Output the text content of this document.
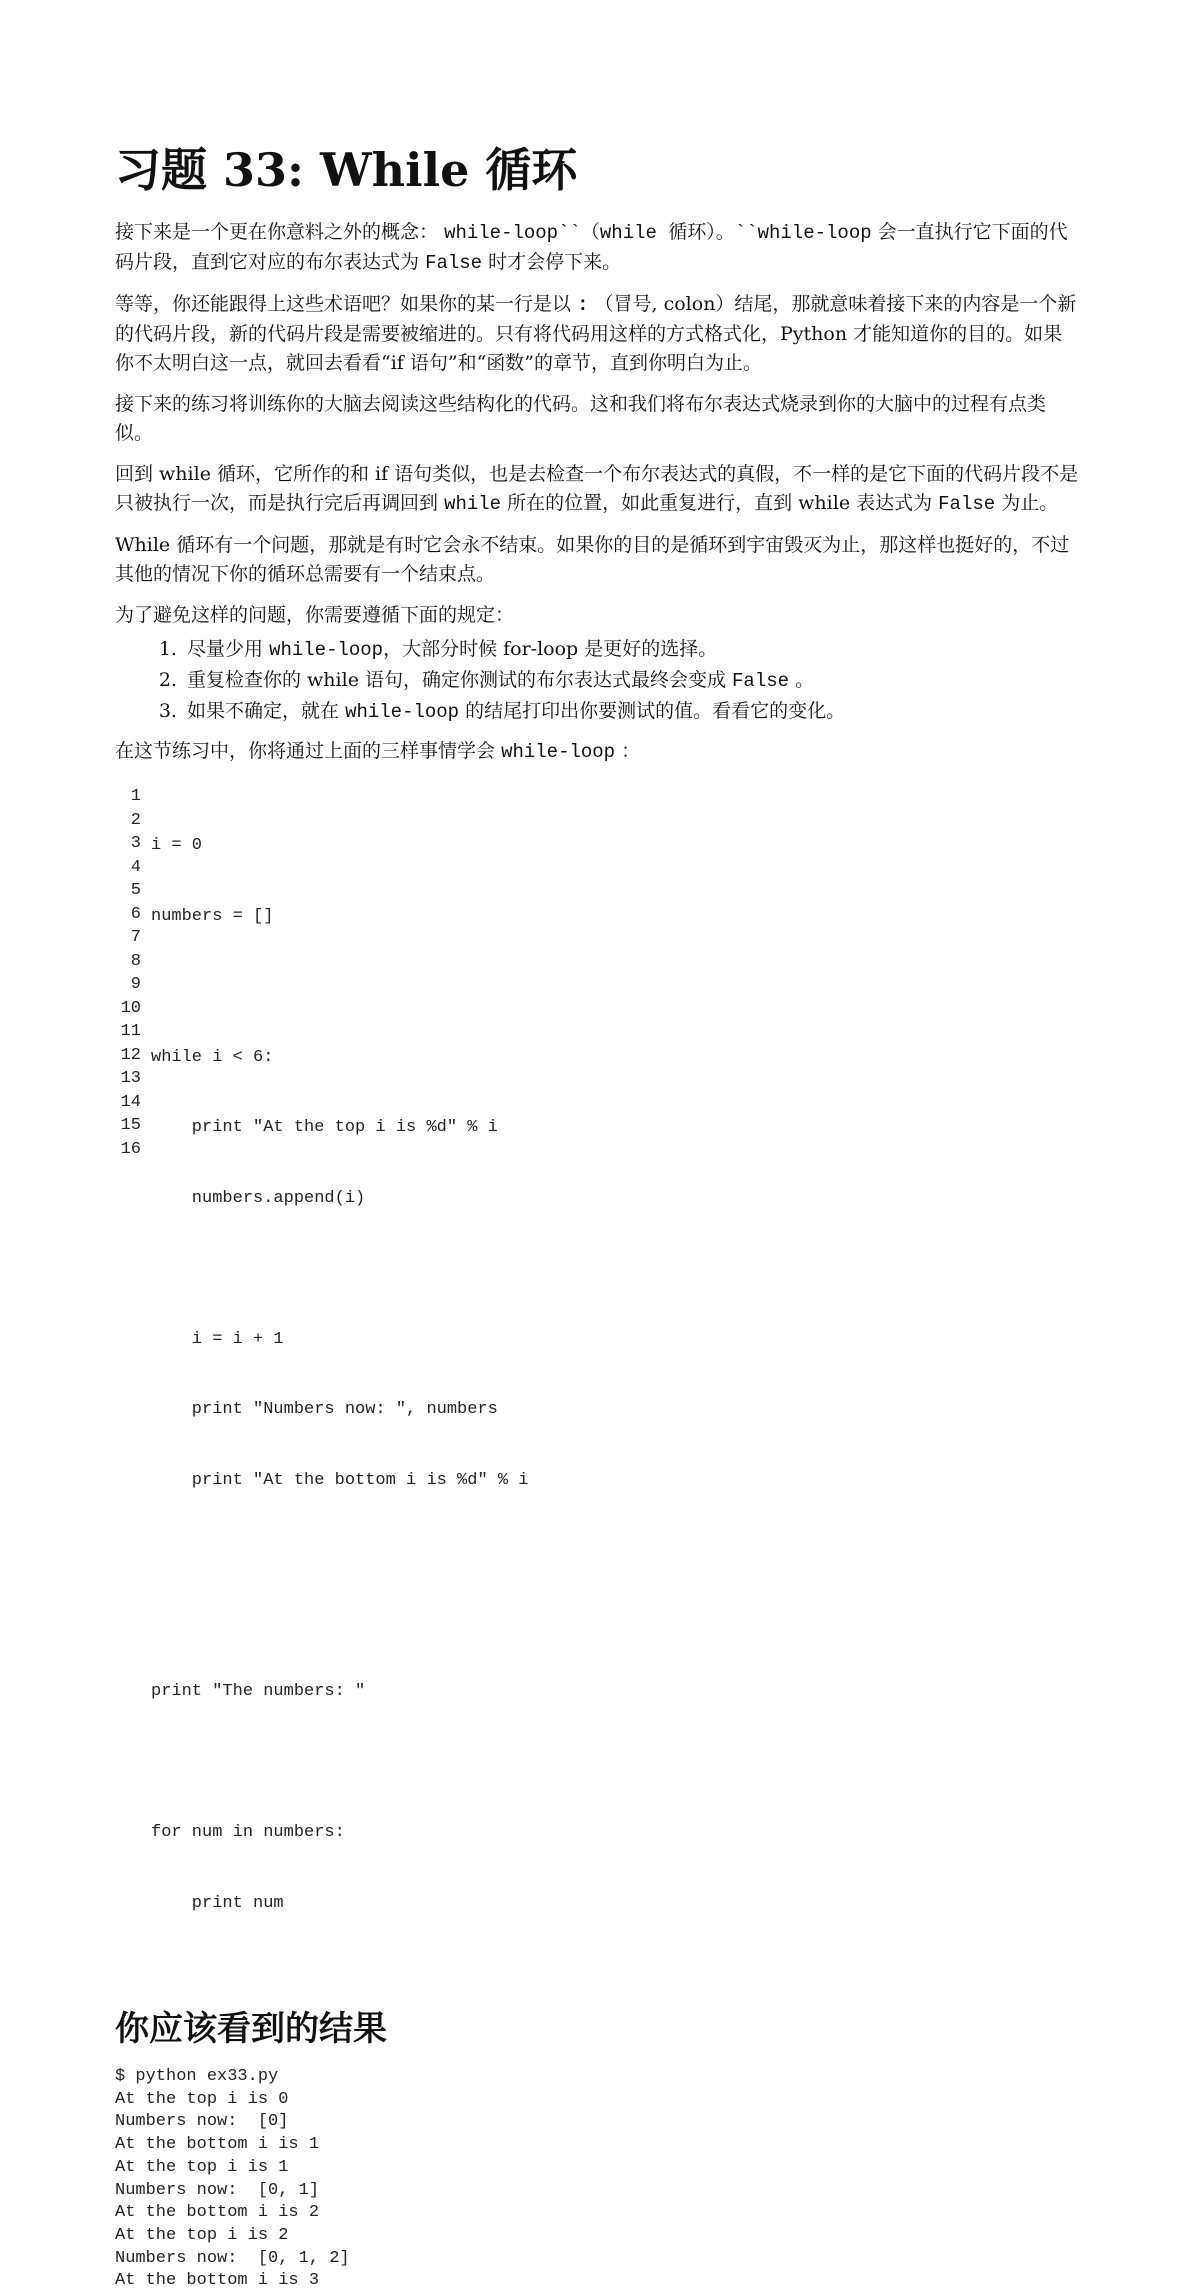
习题 33: While 循环

接下来是一个更在你意料之外的概念： while-loop``（while 循环）。``while-loop 会一直执行它下面的代码片段，直到它对应的布尔表达式为 False 时才会停下来。

等等，你还能跟得上这些术语吧？如果你的某一行是以 : （冒号, colon）结尾，那就意味着接下来的内容是一个新的代码片段，新的代码片段是需要被缩进的。只有将代码用这样的方式格式化，Python 才能知道你的目的。如果你不太明白这一点，就回去看看“if 语句”和“函数”的章节，直到你明白为止。

接下来的练习将训练你的大脑去阅读这些结构化的代码。这和我们将布尔表达式烧录到你的大脑中的过程有点类似。

回到 while 循环，它所作的和 if 语句类似，也是去检查一个布尔表达式的真假，不一样的是它下面的代码片段不是只被执行一次，而是执行完后再调回到 while 所在的位置，如此重复进行，直到 while 表达式为 False 为止。

While 循环有一个问题，那就是有时它会永不结束。如果你的目的是循环到宇宙毁灭为止，那这样也挺好的，不过其他的情况下你的循环总需要有一个结束点。

为了避免这样的问题，你需要遵循下面的规定：

1. 尽量少用 while-loop，大部分时候 for-loop 是更好的选择。
2. 重复检查你的 while 语句，确定你测试的布尔表达式最终会变成 False 。
3. 如果不确定，就在 while-loop 的结尾打印出你要测试的值。看看它的变化。

在这节练习中，你将通过上面的三样事情学会 while-loop ：

1
2
3
4
5
6
7
8
9
10
11
12
13
14
15
16

i = 0

numbers = []

while i < 6:

print "At the top i is %d" % i

numbers.append(i)

i = i + 1

print "Numbers now: ", numbers

print "At the bottom i is %d" % i

print "The numbers: "

for num in numbers:

print num

你应该看到的结果
$ python ex33.py
At the top i is 0
Numbers now:  [0]
At the bottom i is 1
At the top i is 1
Numbers now:  [0, 1]
At the bottom i is 2
At the top i is 2
Numbers now:  [0, 1, 2]
At the bottom i is 3
